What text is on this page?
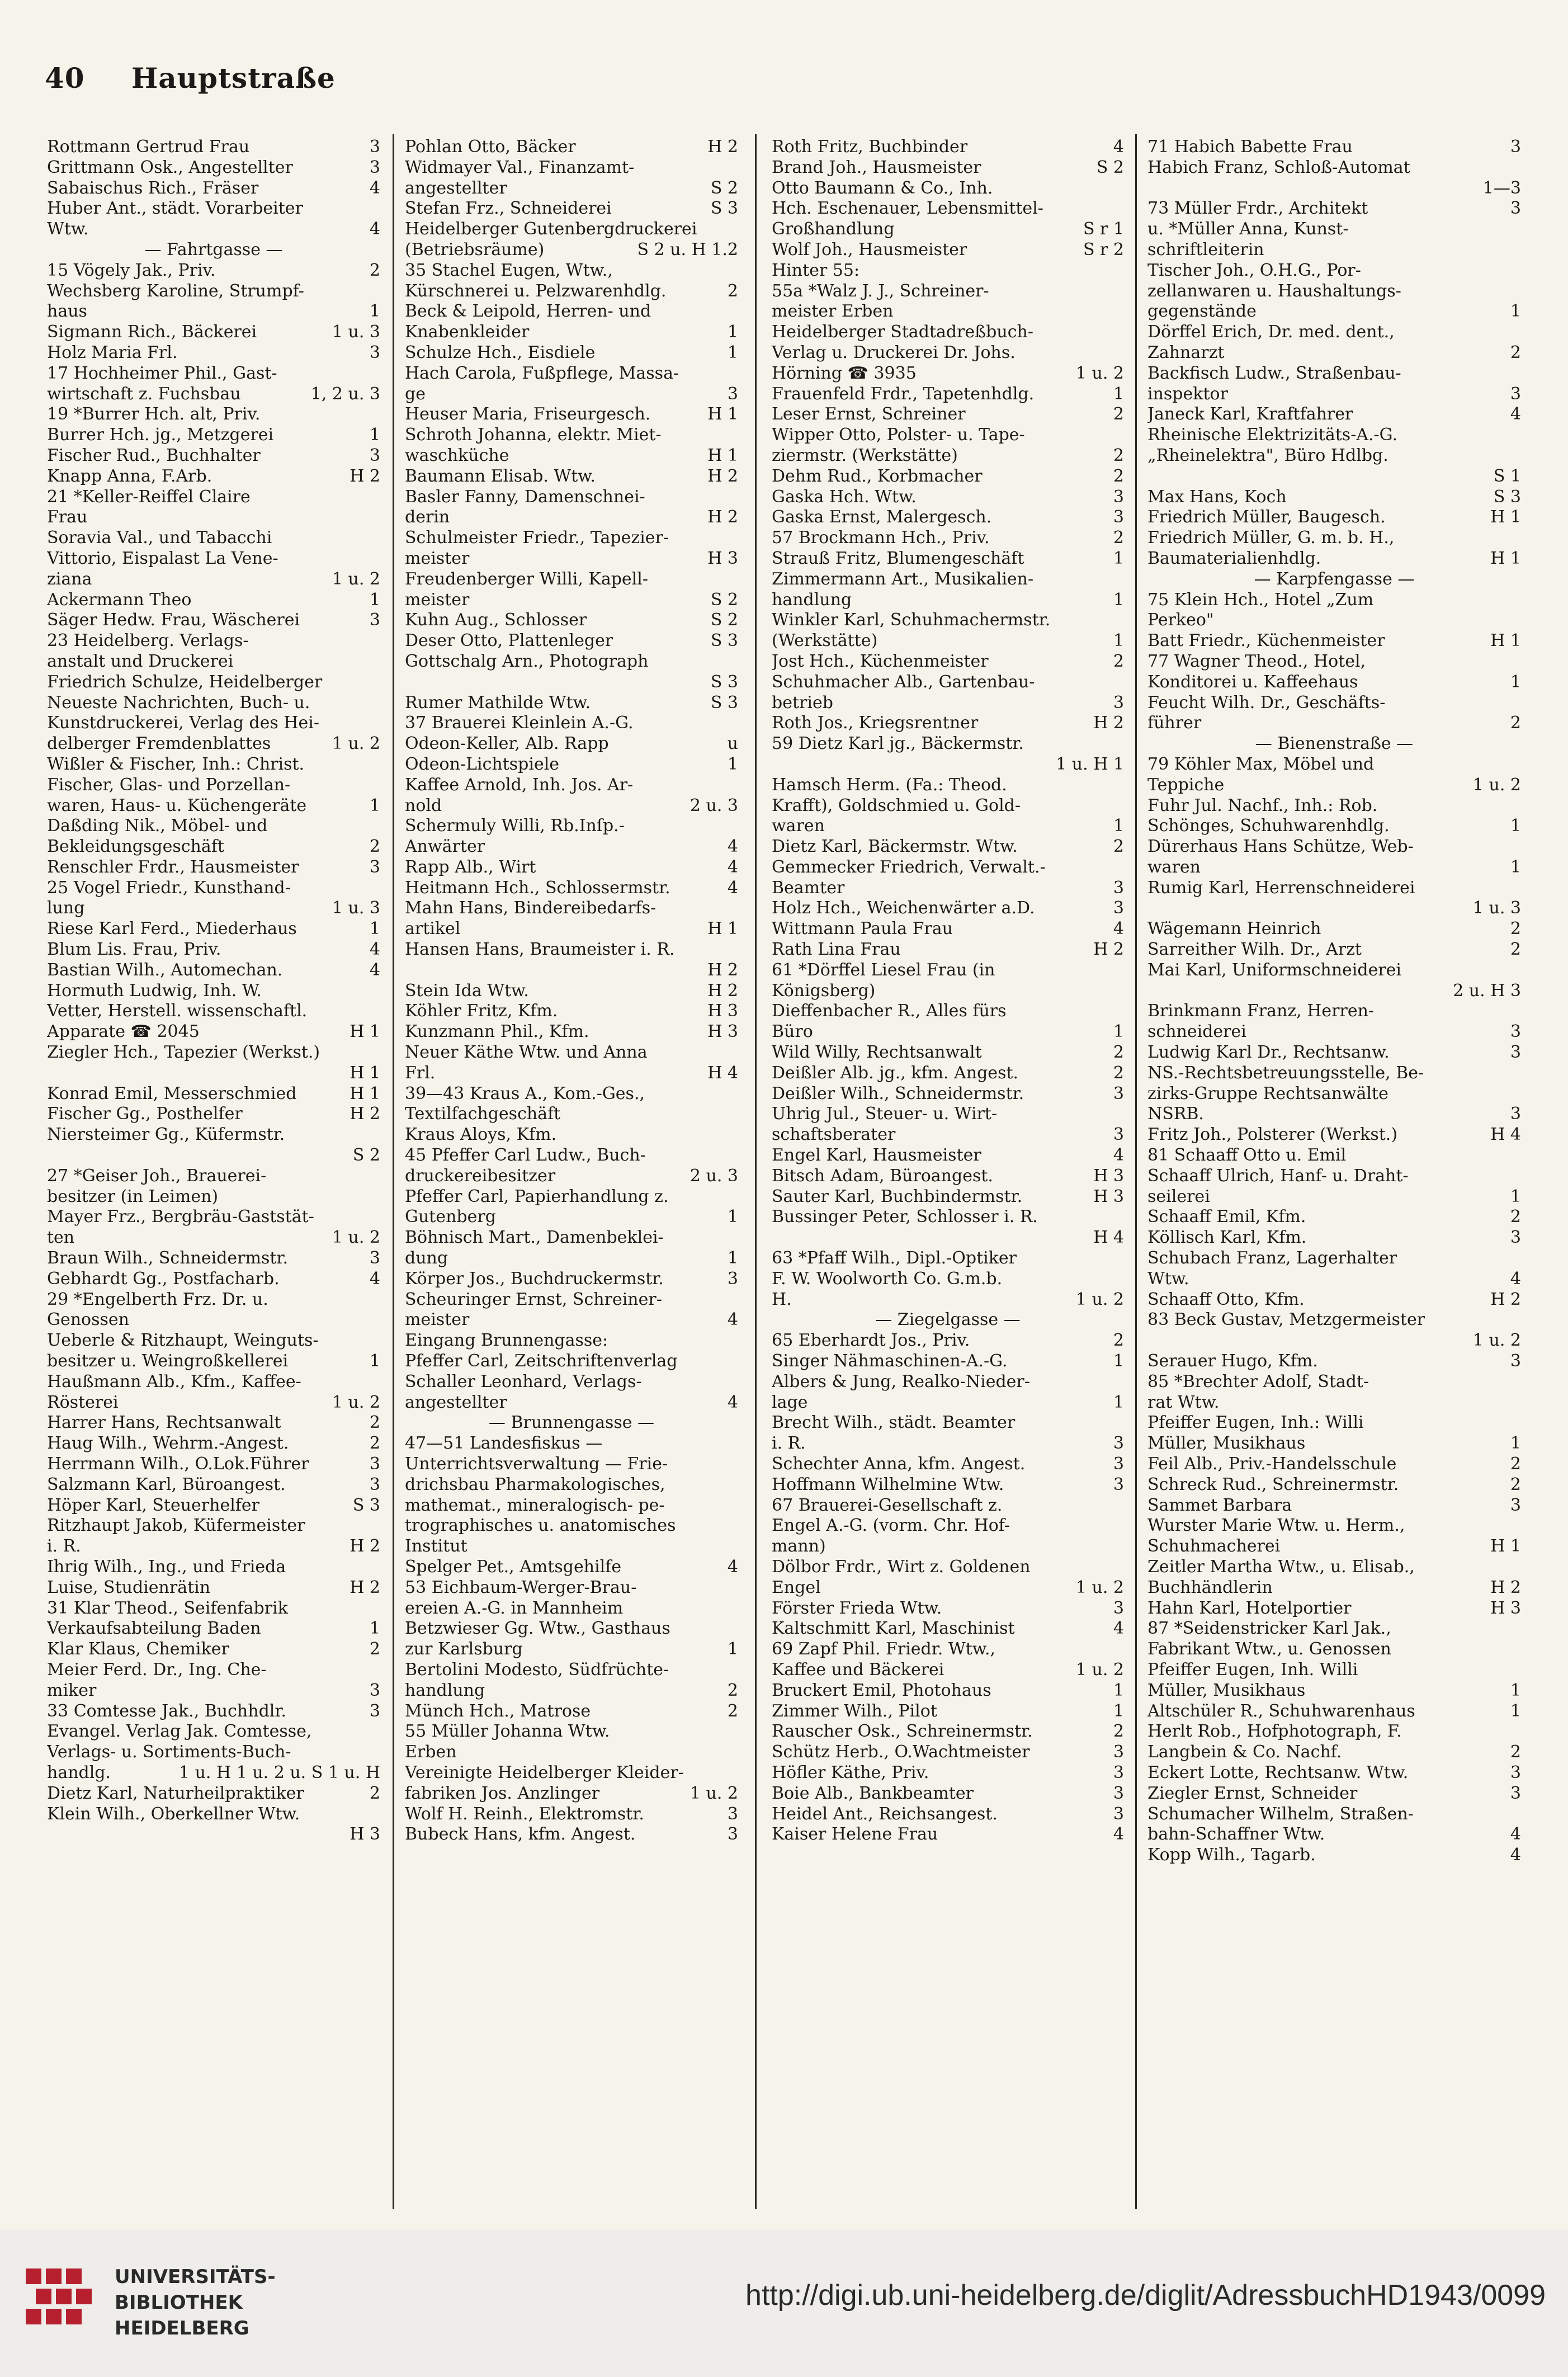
40 Hauptstraße
Rottmann Gertrud Frau	3
Grittmann Osk., Angestellter	3
Sabaischus Rich., Fräser	4
Huber Ant., städt. Vorarbeiter
Wtw.	4
— Fahrtgasse —
15 Vögely Jak., Priv.	2
Wechsberg Karoline, Strumpf-
haus	1
Sigmann Rich., Bäckerei	1 u. 3
Holz Maria Frl.	3
17 Hochheimer Phil., Gast-
wirtschaft z. Fuchsbau	1, 2 u. 3
19 *Burrer Hch. alt, Priv.
Burrer Hch. jg., Metzgerei	1
Fischer Rud., Buchhalter	3
Knapp Anna, F.Arb.	H 2
21 *Keller-Reiffel Claire
Frau
Soravia Val., und Tabacchi
Vittorio, Eispalast La Vene-
ziana	1 u. 2
Ackermann Theo	1
Säger Hedw. Frau, Wäscherei	3
23 Heidelberg. Verlags-
anstalt und Druckerei
Friedrich Schulze, Heidelberger
Neueste Nachrichten, Buch- u.
Kunstdruckerei, Verlag des Hei-
delberger Fremdenblattes	1 u. 2
Wißler & Fischer, Inh.: Christ.
Fischer, Glas- und Porzellan-
waren, Haus- u. Küchengeräte	1
Daßding Nik., Möbel- und
Bekleidungsgeschäft	2
Renschler Frdr., Hausmeister	3
25 Vogel Friedr., Kunsthand-
lung	1 u. 3
Riese Karl Ferd., Miederhaus	1
Blum Lis. Frau, Priv.	4
Bastian Wilh., Automechan.	4
Hormuth Ludwig, Inh. W.
Vetter, Herstell. wissenschaftl.
Apparate ☎ 2045	H 1
Ziegler Hch., Tapezier (Werkst.)
H 1
Konrad Emil, Messerschmied	H 1
Fischer Gg., Posthelfer	H 2
Niersteimer Gg., Küfermstr.
S 2
27 *Geiser Joh., Brauerei-
besitzer (in Leimen)
Mayer Frz., Bergbräu-Gaststät-
ten	1 u. 2
Braun Wilh., Schneidermstr.	3
Gebhardt Gg., Postfacharb.	4
29 *Engelberth Frz. Dr. u.
Genossen
Ueberle & Ritzhaupt, Weinguts-
besitzer u. Weingroßkellerei	1
Haußmann Alb., Kfm., Kaffee-
Rösterei	1 u. 2
Harrer Hans, Rechtsanwalt	2
Haug Wilh., Wehrm.-Angest.	2
Herrmann Wilh., O.Lok.Führer	3
Salzmann Karl, Büroangest.	3
Höper Karl, Steuerhelfer	S 3
Ritzhaupt Jakob, Küfermeister
i. R.	H 2
Ihrig Wilh., Ing., und Frieda
Luise, Studienrätin	H 2
31 Klar Theod., Seifenfabrik
Verkaufsabteilung Baden	1
Klar Klaus, Chemiker	2
Meier Ferd. Dr., Ing. Che-
miker	3
33 Comtesse Jak., Buchhdlr.	3
Evangel. Verlag Jak. Comtesse,
Verlags- u. Sortiments-Buch-
handlg.	1 u. H 1 u. 2 u. S 1 u. H
Dietz Karl, Naturheilpraktiker	2
Klein Wilh., Oberkellner Wtw.
H 3
Pohlan Otto, Bäcker	H 2
Widmayer Val., Finanzamt-
angestellter	S 2
Stefan Frz., Schneiderei	S 3
Heidelberger Gutenbergdruckerei
(Betriebsräume)	S 2 u. H 1.2
35 Stachel Eugen, Wtw.,
Kürschnerei u. Pelzwarenhdlg.	2
Beck & Leipold, Herren- und
Knabenkleider	1
Schulze Hch., Eisdiele	1
Hach Carola, Fußpflege, Massa-
ge	3
Heuser Maria, Friseurgesch.	H 1
Schroth Johanna, elektr. Miet-
waschküche	H 1
Baumann Elisab. Wtw.	H 2
Basler Fanny, Damenschnei-
derin	H 2
Schulmeister Friedr., Tapezier-
meister	H 3
Freudenberger Willi, Kapell-
meister	S 2
Kuhn Aug., Schlosser	S 2
Deser Otto, Plattenleger	S 3
Gottschalg Arn., Photograph
S 3
Rumer Mathilde Wtw.	S 3
37 Brauerei Kleinlein A.-G.
Odeon-Keller, Alb. Rapp	u
Odeon-Lichtspiele	1
Kaffee Arnold, Inh. Jos. Ar-
nold	2 u. 3
Schermuly Willi, Rb.Inſp.-
Anwärter	4
Rapp Alb., Wirt	4
Heitmann Hch., Schlossermstr.	4
Mahn Hans, Bindereibedarfs-
artikel	H 1
Hansen Hans, Braumeister i. R.
H 2
Stein Ida Wtw.	H 2
Köhler Fritz, Kfm.	H 3
Kunzmann Phil., Kfm.	H 3
Neuer Käthe Wtw. und Anna
Frl.	H 4
39—43 Kraus A., Kom.-Ges.,
Textilfachgeschäft
Kraus Aloys, Kfm.
45 Pfeffer Carl Ludw., Buch-
druckereibesitzer	2 u. 3
Pfeffer Carl, Papierhandlung z.
Gutenberg	1
Böhnisch Mart., Damenbeklei-
dung	1
Körper Jos., Buchdruckermstr.	3
Scheuringer Ernst, Schreiner-
meister	4
Eingang Brunnengasse:
Pfeffer Carl, Zeitschriftenverlag
Schaller Leonhard, Verlags-
angestellter	4
— Brunnengasse —
47—51 Landesfiskus —
Unterrichtsverwaltung — Frie-
drichsbau Pharmakologisches,
mathemat., mineralogisch- pe-
trographisches u. anatomisches
Institut
Spelger Pet., Amtsgehilfe	4
53 Eichbaum-Werger-Brau-
ereien A.-G. in Mannheim
Betzwieser Gg. Wtw., Gasthaus
zur Karlsburg	1
Bertolini Modesto, Südfrüchte-
handlung	2
Münch Hch., Matrose	2
55 Müller Johanna Wtw.
Erben
Vereinigte Heidelberger Kleider-
fabriken Jos. Anzlinger	1 u. 2
Wolf H. Reinh., Elektromstr.	3
Bubeck Hans, kfm. Angest.	3
Roth Fritz, Buchbinder	4
Brand Joh., Hausmeister	S 2
Otto Baumann & Co., Inh.
Hch. Eschenauer, Lebensmittel-
Großhandlung	S r 1
Wolf Joh., Hausmeister	S r 2
Hinter 55:
55a *Walz J. J., Schreiner-
meister Erben
Heidelberger Stadtadreßbuch-
Verlag u. Druckerei Dr. Johs.
Hörning ☎ 3935	1 u. 2
Frauenfeld Frdr., Tapetenhdlg.	1
Leser Ernst, Schreiner	2
Wipper Otto, Polster- u. Tape-
ziermstr. (Werkstätte)	2
Dehm Rud., Korbmacher	2
Gaska Hch. Wtw.	3
Gaska Ernst, Malergesch.	3
57 Brockmann Hch., Priv.	2
Strauß Fritz, Blumengeschäft	1
Zimmermann Art., Musikalien-
handlung	1
Winkler Karl, Schuhmachermstr.
(Werkstätte)	1
Jost Hch., Küchenmeister	2
Schuhmacher Alb., Gartenbau-
betrieb	3
Roth Jos., Kriegsrentner	H 2
59 Dietz Karl jg., Bäckermstr.
1 u. H 1
Hamsch Herm. (Fa.: Theod.
Krafft), Goldschmied u. Gold-
waren	1
Dietz Karl, Bäckermstr. Wtw.	2
Gemmecker Friedrich, Verwalt.-
Beamter	3
Holz Hch., Weichenwärter a.D.	3
Wittmann Paula Frau	4
Rath Lina Frau	H 2
61 *Dörffel Liesel Frau (in
Königsberg)
Dieffenbacher R., Alles fürs
Büro	1
Wild Willy, Rechtsanwalt	2
Deißler Alb. jg., kfm. Angest.	2
Deißler Wilh., Schneidermstr.	3
Uhrig Jul., Steuer- u. Wirt-
schaftsberater	3
Engel Karl, Hausmeister	4
Bitsch Adam, Büroangest.	H 3
Sauter Karl, Buchbindermstr.	H 3
Bussinger Peter, Schlosser i. R.
H 4
63 *Pfaff Wilh., Dipl.-Optiker
F. W. Woolworth Co. G.m.b.
H.	1 u. 2
— Ziegelgasse —
65 Eberhardt Jos., Priv.	2
Singer Nähmaschinen-A.-G.	1
Albers & Jung, Realko-Nieder-
lage	1
Brecht Wilh., städt. Beamter
i. R.	3
Schechter Anna, kfm. Angest.	3
Hoffmann Wilhelmine Wtw.	3
67 Brauerei-Gesellschaft z.
Engel A.-G. (vorm. Chr. Hof-
mann)
Dölbor Frdr., Wirt z. Goldenen
Engel	1 u. 2
Förster Frieda Wtw.	3
Kaltschmitt Karl, Maschinist	4
69 Zapf Phil. Friedr. Wtw.,
Kaffee und Bäckerei	1 u. 2
Bruckert Emil, Photohaus	1
Zimmer Wilh., Pilot	1
Rauscher Osk., Schreinermstr.	2
Schütz Herb., O.Wachtmeister	3
Höfler Käthe, Priv.	3
Boie Alb., Bankbeamter	3
Heidel Ant., Reichsangest.	3
Kaiser Helene Frau	4
71 Habich Babette Frau	3
Habich Franz, Schloß-Automat
1—3
73 Müller Frdr., Architekt	3
u. *Müller Anna, Kunst-
schriftleiterin
Tischer Joh., O.H.G., Por-
zellanwaren u. Haushaltungs-
gegenstände	1
Dörffel Erich, Dr. med. dent.,
Zahnarzt	2
Backfisch Ludw., Straßenbau-
inspektor	3
Janeck Karl, Kraftfahrer	4
Rheinische Elektrizitäts-A.-G.
„Rheinelektra", Büro Hdlbg.
S 1
Max Hans, Koch	S 3
Friedrich Müller, Baugesch.	H 1
Friedrich Müller, G. m. b. H.,
Baumaterialienhdlg.	H 1
— Karpfengasse —
75 Klein Hch., Hotel „Zum
Perkeo"
Batt Friedr., Küchenmeister	H 1
77 Wagner Theod., Hotel,
Konditorei u. Kaffeehaus	1
Feucht Wilh. Dr., Geschäfts-
führer	2
— Bienenstraße —
79 Köhler Max, Möbel und
Teppiche	1 u. 2
Fuhr Jul. Nachf., Inh.: Rob.
Schönges, Schuhwarenhdlg.	1
Dürerhaus Hans Schütze, Web-
waren	1
Rumig Karl, Herrenschneiderei
1 u. 3
Wägemann Heinrich	2
Sarreither Wilh. Dr., Arzt	2
Mai Karl, Uniformschneiderei
2 u. H 3
Brinkmann Franz, Herren-
schneiderei	3
Ludwig Karl Dr., Rechtsanw.	3
NS.-Rechtsbetreuungsstelle, Be-
zirks-Gruppe Rechtsanwälte
NSRB.	3
Fritz Joh., Polsterer (Werkst.)	H 4
81 Schaaff Otto u. Emil
Schaaff Ulrich, Hanf- u. Draht-
seilerei	1
Schaaff Emil, Kfm.	2
Köllisch Karl, Kfm.	3
Schubach Franz, Lagerhalter
Wtw.	4
Schaaff Otto, Kfm.	H 2
83 Beck Gustav, Metzgermeister
1 u. 2
Serauer Hugo, Kfm.	3
85 *Brechter Adolf, Stadt-
rat Wtw.
Pfeiffer Eugen, Inh.: Willi
Müller, Musikhaus	1
Feil Alb., Priv.-Handelsschule	2
Schreck Rud., Schreinermstr.	2
Sammet Barbara	3
Wurster Marie Wtw. u. Herm.,
Schuhmacherei	H 1
Zeitler Martha Wtw., u. Elisab.,
Buchhändlerin	H 2
Hahn Karl, Hotelportier	H 3
87 *Seidenstricker Karl Jak.,
Fabrikant Wtw., u. Genossen
Pfeiffer Eugen, Inh. Willi
Müller, Musikhaus	1
Altschüler R., Schuhwarenhaus	1
Herlt Rob., Hofphotograph, F.
Langbein & Co. Nachf.	2
Eckert Lotte, Rechtsanw. Wtw.	3
Ziegler Ernst, Schneider	3
Schumacher Wilhelm, Straßen-
bahn-Schaffner Wtw.	4
Kopp Wilh., Tagarb.	4
UNIVERSITÄTS-
BIBLIOTHEK
HEIDELBERG
http://digi.ub.uni-heidelberg.de/diglit/AdressbuchHD1943/0099
